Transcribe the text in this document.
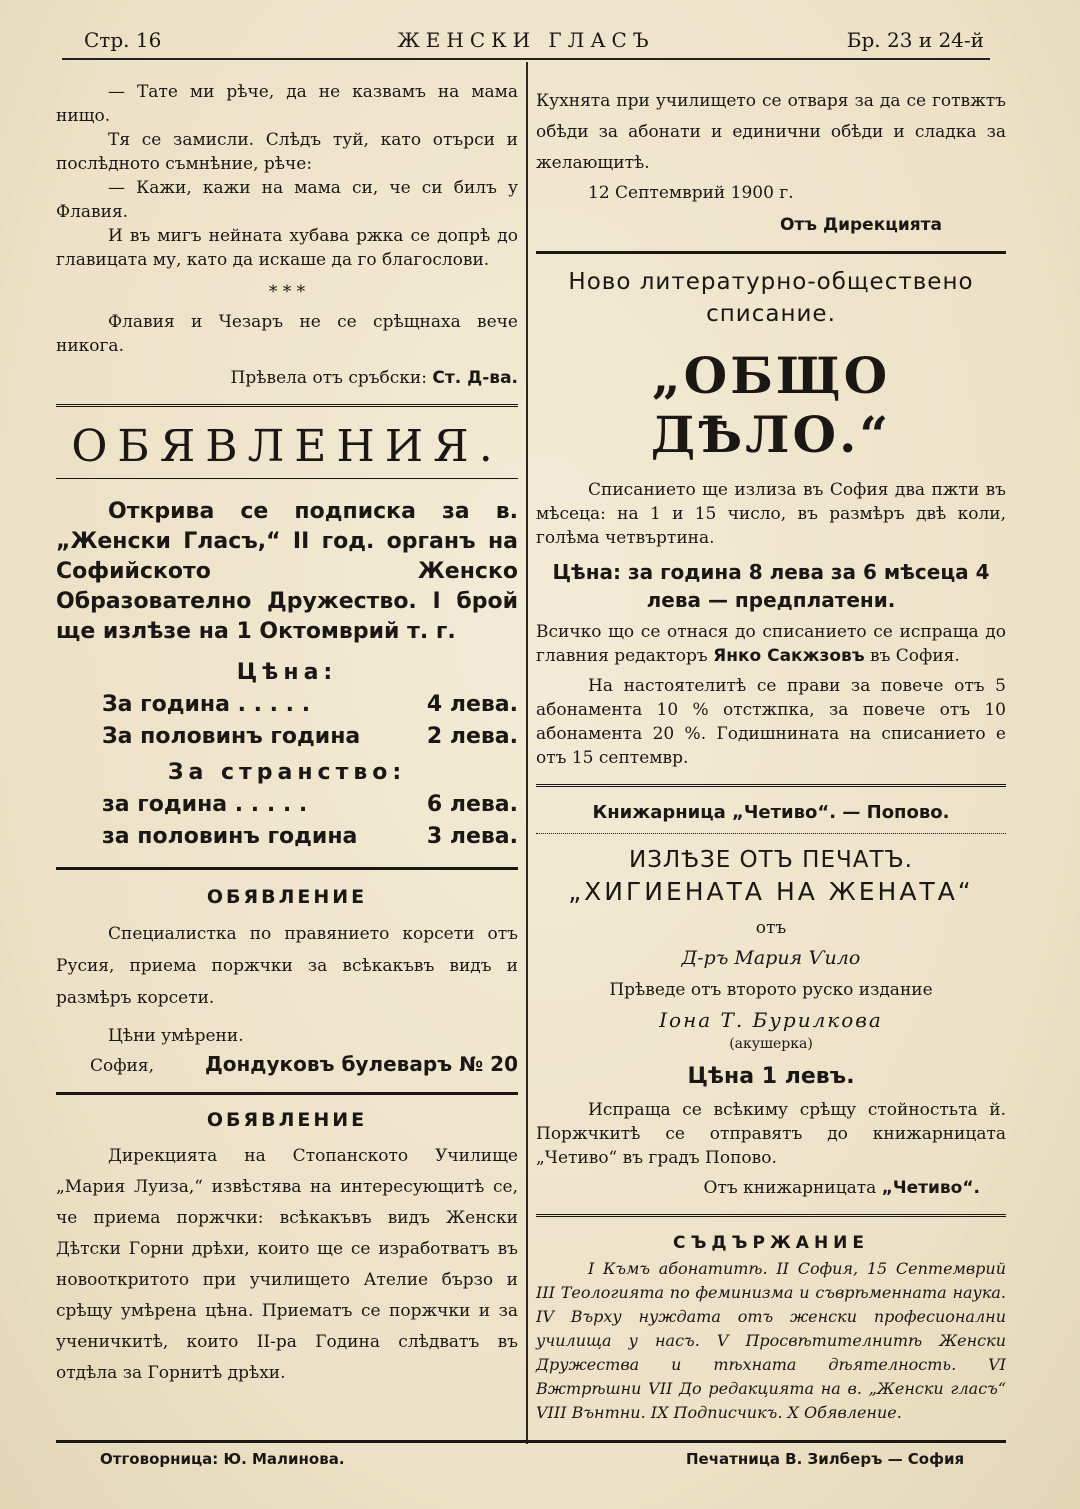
Стр. 16	ЖЕНСКИ ГЛАСЪ	Бр. 23 и 24-й

— Тате ми рѣче, да не казвамъ на мама нищо.

Тя се замисли. Слѣдъ туй, като отърси и послѣдното съмнѣние, рѣче:

— Кажи, кажи на мама си, че си билъ у Флавия.

И въ мигъ нейната хубава ржка се допрѣ до главицата му, като да искаше да го благослови.

* * *

Флавия и Чезаръ не се срѣщнаха вече никога.

Прѣвела отъ сръбски: Ст. Д-ва.

ОБЯВЛЕНИЯ.
Открива се подписка за в. „Женски Гласъ,“ II год. органъ на Софийското Женско Образователно Дружество. I брой ще излѣзе на 1 Октомврий т. г.
Цѣна:
За година . . . . .	4 лева.
За половинъ година	2 лева.
За странство:
за година . . . . .	6 лева.
за половинъ година	3 лева.
ОБЯВЛЕНИЕ

Специалистка по правянието корсети отъ Русия, приема поржчки за всѣкакъвъ видъ и размѣръ корсети.

Цѣни умѣрени.

София,	Дондуковъ булеваръ № 20
ОБЯВЛЕНИЕ

Дирекцията на Стопанското Училище „Мария Луиза,“ извѣстява на интересующитѣ се, че приема поржчки: всѣкакъвъ видъ Женски Дѣтски Горни дрѣхи, които ще се изработватъ въ новооткритото при училището Ателие бързо и срѣщу умѣрена цѣна. Приематъ се поржчки и за ученичкитѣ, които II-ра Година слѣдватъ въ отдѣла за Горнитѣ дрѣхи.

Кухнята при училището се отваря за да се готвжтъ обѣди за абонати и единични обѣди и сладка за желающитѣ.

12 Септемврий 1900 г.

Отъ Дирекцията

Ново литературно-обществено списание.
„ОБЩО ДѢЛО.“

Списанието ще излиза въ София два пжти въ мѣсеца: на 1 и 15 число, въ размѣръ двѣ коли, голѣма четвъртина.

Цѣна: за година 8 лева за 6 мѣсеца 4 лева — предплатени.

Всичко що се отнася до списанието се испраща до главния редакторъ Янко Сакжзовъ въ София.

На настоятелитѣ се прави за повече отъ 5 абонамента 10 % отстжпка, за повече отъ 10 абонамента 20 %. Годишнината на списанието е отъ 15 септемвр.

Книжарница „Четиво“. — Попово.

ИЗЛѢЗЕ ОТЪ ПЕЧАТЪ.
„ХИГИЕНАТА НА ЖЕНАТА“

отъ

Д-ръ Мария Ѵило

Прѣведе отъ второто руско издание

Іона Т. Бурилкова

(акушерка)

Цѣна 1 левъ.

Испраща се всѣкиму срѣщу стойностьта й. Поржчкитѣ се отправятъ до книжарницата „Четиво“ въ градъ Попово.

Отъ книжарницата „Четиво“.

СЪДЪРЖАНИЕ

I Къмъ абонатитѣ. II София, 15 Септемврий III Теологията по феминизма и съврѣменната наука. IV Върху нуждата отъ женски професионални училища у насъ. V Просвѣтителнитѣ Женски Дружества и тѣхната дѣятелность. VI Вжтрѣшни VII До редакцията на в. „Женски гласъ“ VIII Вънтни. IX Подписчикъ. X Обявление.

Отговорница: Ю. Малинова.	Печатница В. Зилберъ — София
